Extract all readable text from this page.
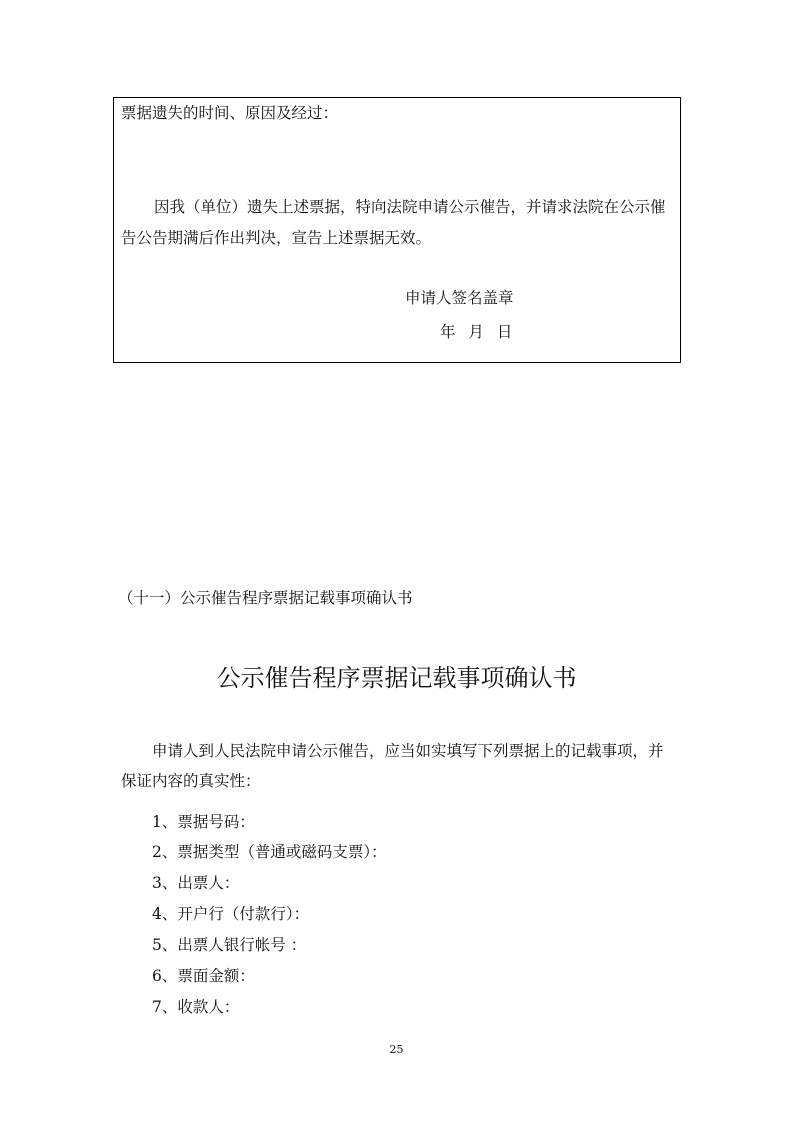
票据遗失的时间、原因及经过：
因我（单位）遗失上述票据，特向法院申请公示催告，并请求法院在公示催
告公告期满后作出判决，宣告上述票据无效。
申请人签名盖章
年 月 日
（十一）公示催告程序票据记载事项确认书
公示催告程序票据记载事项确认书
申请人到人民法院申请公示催告，应当如实填写下列票据上的记载事项，并
保证内容的真实性：
1、票据号码：
2、票据类型（普通或磁码支票）：
3、出票人：
4、开户行（付款行）：
5、出票人银行帐号 ：
6、票面金额：
7、收款人：
25
